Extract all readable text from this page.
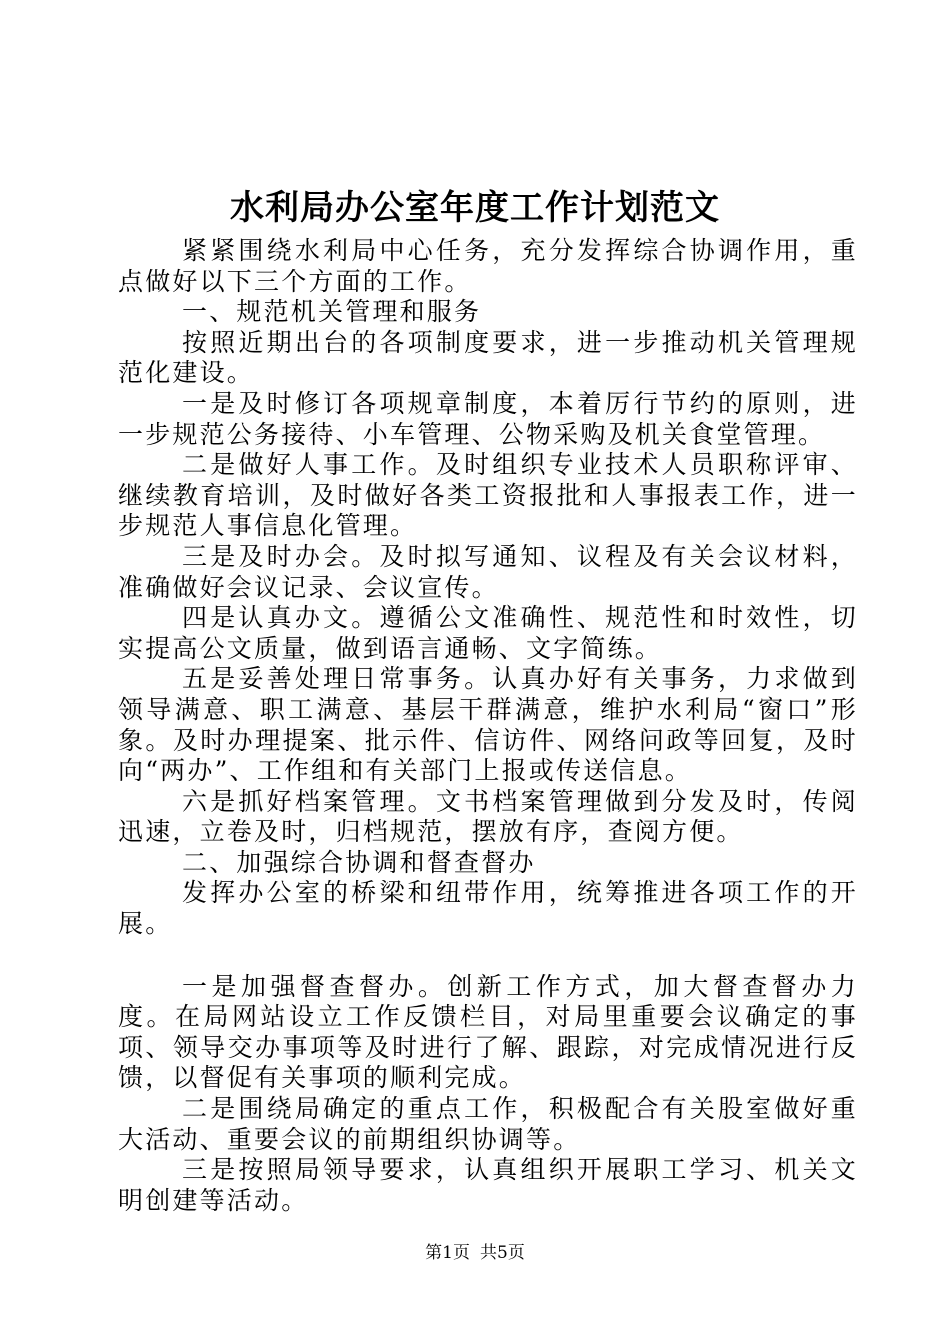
水利局办公室年度工作计划范文

紧紧围绕水利局中心任务，充分发挥综合协调作用，重点做好以下三个方面的工作。

一、规范机关管理和服务

按照近期出台的各项制度要求，进一步推动机关管理规范化建设。

一是及时修订各项规章制度，本着厉行节约的原则，进一步规范公务接待、小车管理、公物采购及机关食堂管理。

二是做好人事工作。及时组织专业技术人员职称评审、继续教育培训，及时做好各类工资报批和人事报表工作，进一步规范人事信息化管理。

三是及时办会。及时拟写通知、议程及有关会议材料，准确做好会议记录、会议宣传。

四是认真办文。遵循公文准确性、规范性和时效性，切实提高公文质量，做到语言通畅、文字简练。

五是妥善处理日常事务。认真办好有关事务，力求做到领导满意、职工满意、基层干群满意，维护水利局“窗口”形象。及时办理提案、批示件、信访件、网络问政等回复，及时向“两办”、工作组和有关部门上报或传送信息。

六是抓好档案管理。文书档案管理做到分发及时，传阅迅速，立卷及时，归档规范，摆放有序，查阅方便。

二、加强综合协调和督查督办

发挥办公室的桥梁和纽带作用，统筹推进各项工作的开展。

一是加强督查督办。创新工作方式，加大督查督办力度。在局网站设立工作反馈栏目，对局里重要会议确定的事项、领导交办事项等及时进行了解、跟踪，对完成情况进行反馈，以督促有关事项的顺利完成。

二是围绕局确定的重点工作，积极配合有关股室做好重大活动、重要会议的前期组织协调等。

三是按照局领导要求，认真组织开展职工学习、机关文明创建等活动。

第1页 共5页
